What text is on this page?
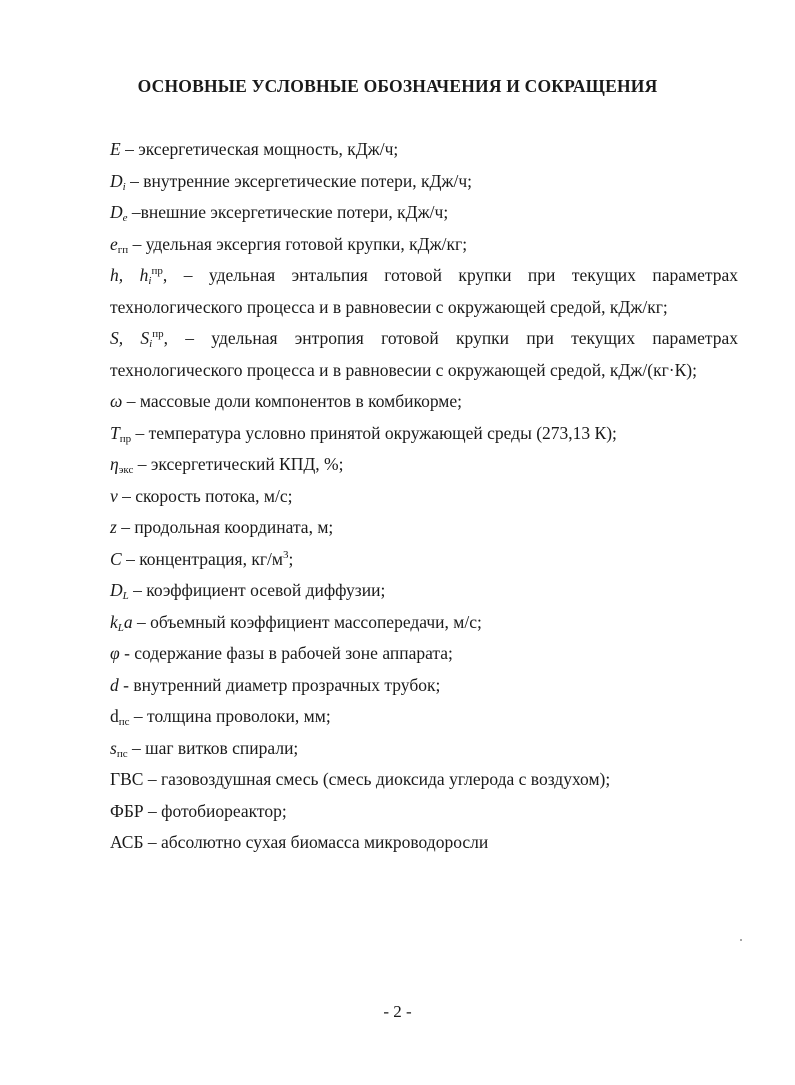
ОСНОВНЫЕ УСЛОВНЫЕ ОБОЗНАЧЕНИЯ И СОКРАЩЕНИЯ

E – эксергетическая мощность, кДж/ч;

$D_i$ – внутренние эксергетические потери, кДж/ч;

$D_e$ –внешние эксергетические потери, кДж/ч;

$e_{гп}$ – удельная эксергия готовой крупки, кДж/кг;

h, $h_i^{пр}$, – удельная энтальпия готовой крупки при текущих параметрах технологического процесса и в равновесии с окружающей средой, кДж/кг;

S, $S_i^{пр}$, – удельная энтропия готовой крупки при текущих параметрах технологического процесса и в равновесии с окружающей средой, кДж/(кг·К);

ω – массовые доли компонентов в комбикорме;

$T_{пр}$ – температура условно принятой окружающей среды (273,13 К);

$\eta_{экс}$ – эксергетический КПД, %;

v – скорость потока, м/с;

z – продольная координата, м;

C – концентрация, $кг/м^3$;

$D_L$ – коэффициент осевой диффузии;

$k_La$ – объемный коэффициент массопередачи, м/с;

φ - содержание фазы в рабочей зоне аппарата;

d - внутренний диаметр прозрачных трубок;

$d_{пс}$ – толщина проволоки, мм;

$s_{пс}$ – шаг витков спирали;

ГВС – газовоздушная смесь (смесь диоксида углерода с воздухом);

ФБР – фотобиореактор;

АСБ – абсолютно сухая биомасса микроводоросли

- 2 -
